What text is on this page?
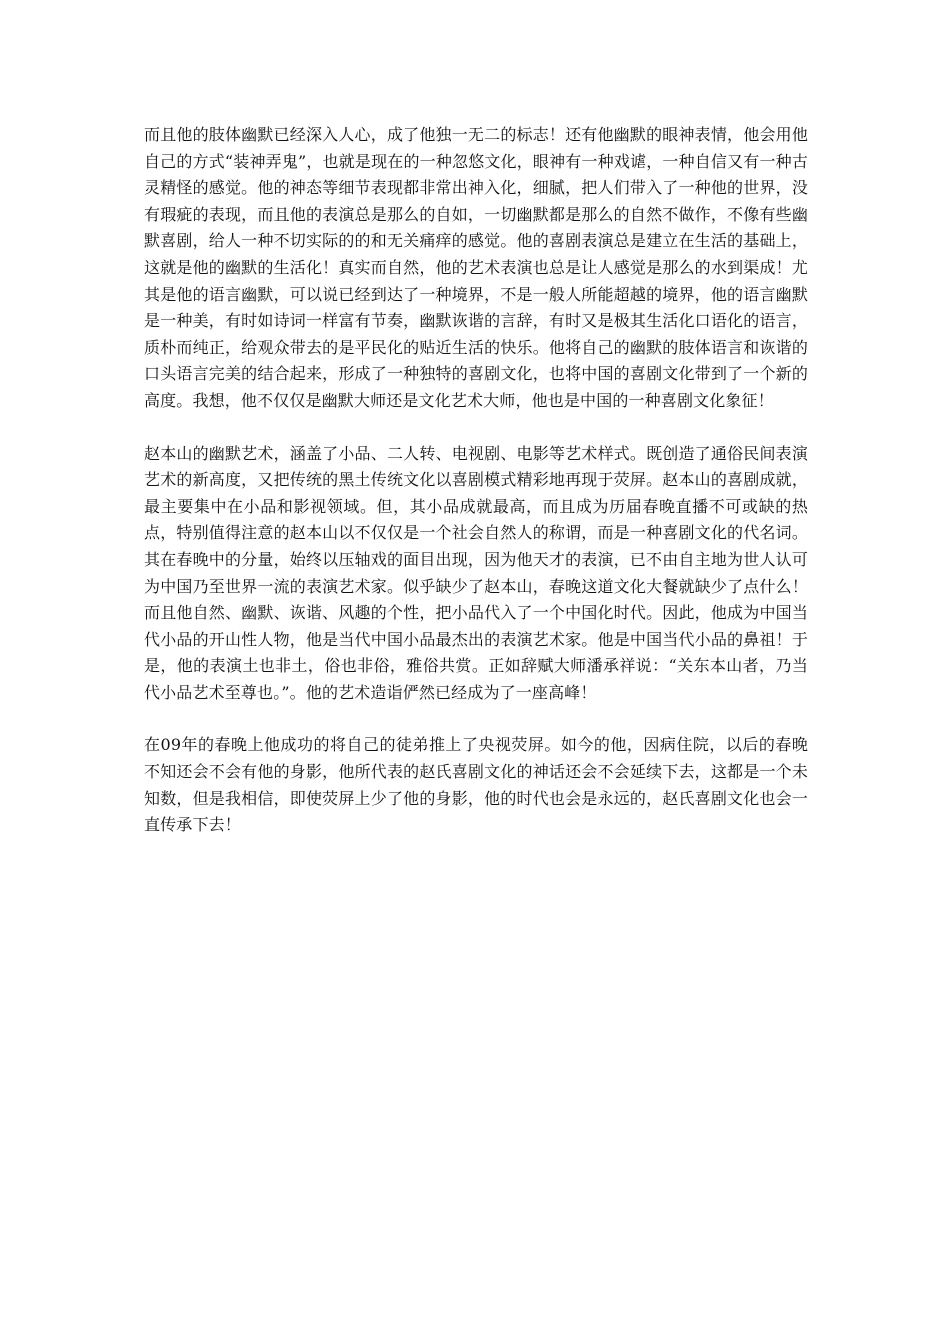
而且他的肢体幽默已经深入人心，成了他独一无二的标志！还有他幽默的眼神表情，他会用他自己的方式“装神弄鬼”，也就是现在的一种忽悠文化，眼神有一种戏谑，一种自信又有一种古灵精怪的感觉。他的神态等细节表现都非常出神入化，细腻，把人们带入了一种他的世界，没有瑕疵的表现，而且他的表演总是那么的自如，一切幽默都是那么的自然不做作，不像有些幽默喜剧，给人一种不切实际的的和无关痛痒的感觉。他的喜剧表演总是建立在生活的基础上，这就是他的幽默的生活化！真实而自然，他的艺术表演也总是让人感觉是那么的水到渠成！尤其是他的语言幽默，可以说已经到达了一种境界，不是一般人所能超越的境界，他的语言幽默是一种美，有时如诗词一样富有节奏，幽默诙谐的言辞，有时又是极其生活化口语化的语言，质朴而纯正，给观众带去的是平民化的贴近生活的快乐。他将自己的幽默的肢体语言和诙谐的口头语言完美的结合起来，形成了一种独特的喜剧文化，也将中国的喜剧文化带到了一个新的高度。我想，他不仅仅是幽默大师还是文化艺术大师，他也是中国的一种喜剧文化象征！

赵本山的幽默艺术，涵盖了小品、二人转、电视剧、电影等艺术样式。既创造了通俗民间表演艺术的新高度，又把传统的黑土传统文化以喜剧模式精彩地再现于荧屏。赵本山的喜剧成就，最主要集中在小品和影视领域。但，其小品成就最高，而且成为历届春晚直播不可或缺的热点，特别值得注意的赵本山以不仅仅是一个社会自然人的称谓，而是一种喜剧文化的代名词。其在春晚中的分量，始终以压轴戏的面目出现，因为他天才的表演，已不由自主地为世人认可为中国乃至世界一流的表演艺术家。似乎缺少了赵本山，春晚这道文化大餐就缺少了点什么！而且他自然、幽默、诙谐、风趣的个性，把小品代入了一个中国化时代。因此，他成为中国当代小品的开山性人物，他是当代中国小品最杰出的表演艺术家。他是中国当代小品的鼻祖！于是，他的表演土也非土，俗也非俗，雅俗共赏。正如辞赋大师潘承祥说：“关东本山者，乃当代小品艺术至尊也。”。他的艺术造诣俨然已经成为了一座高峰！

在09年的春晚上他成功的将自己的徒弟推上了央视荧屏。如今的他，因病住院，以后的春晚不知还会不会有他的身影，他所代表的赵氏喜剧文化的神话还会不会延续下去，这都是一个未知数，但是我相信，即使荧屏上少了他的身影，他的时代也会是永远的，赵氏喜剧文化也会一直传承下去！
